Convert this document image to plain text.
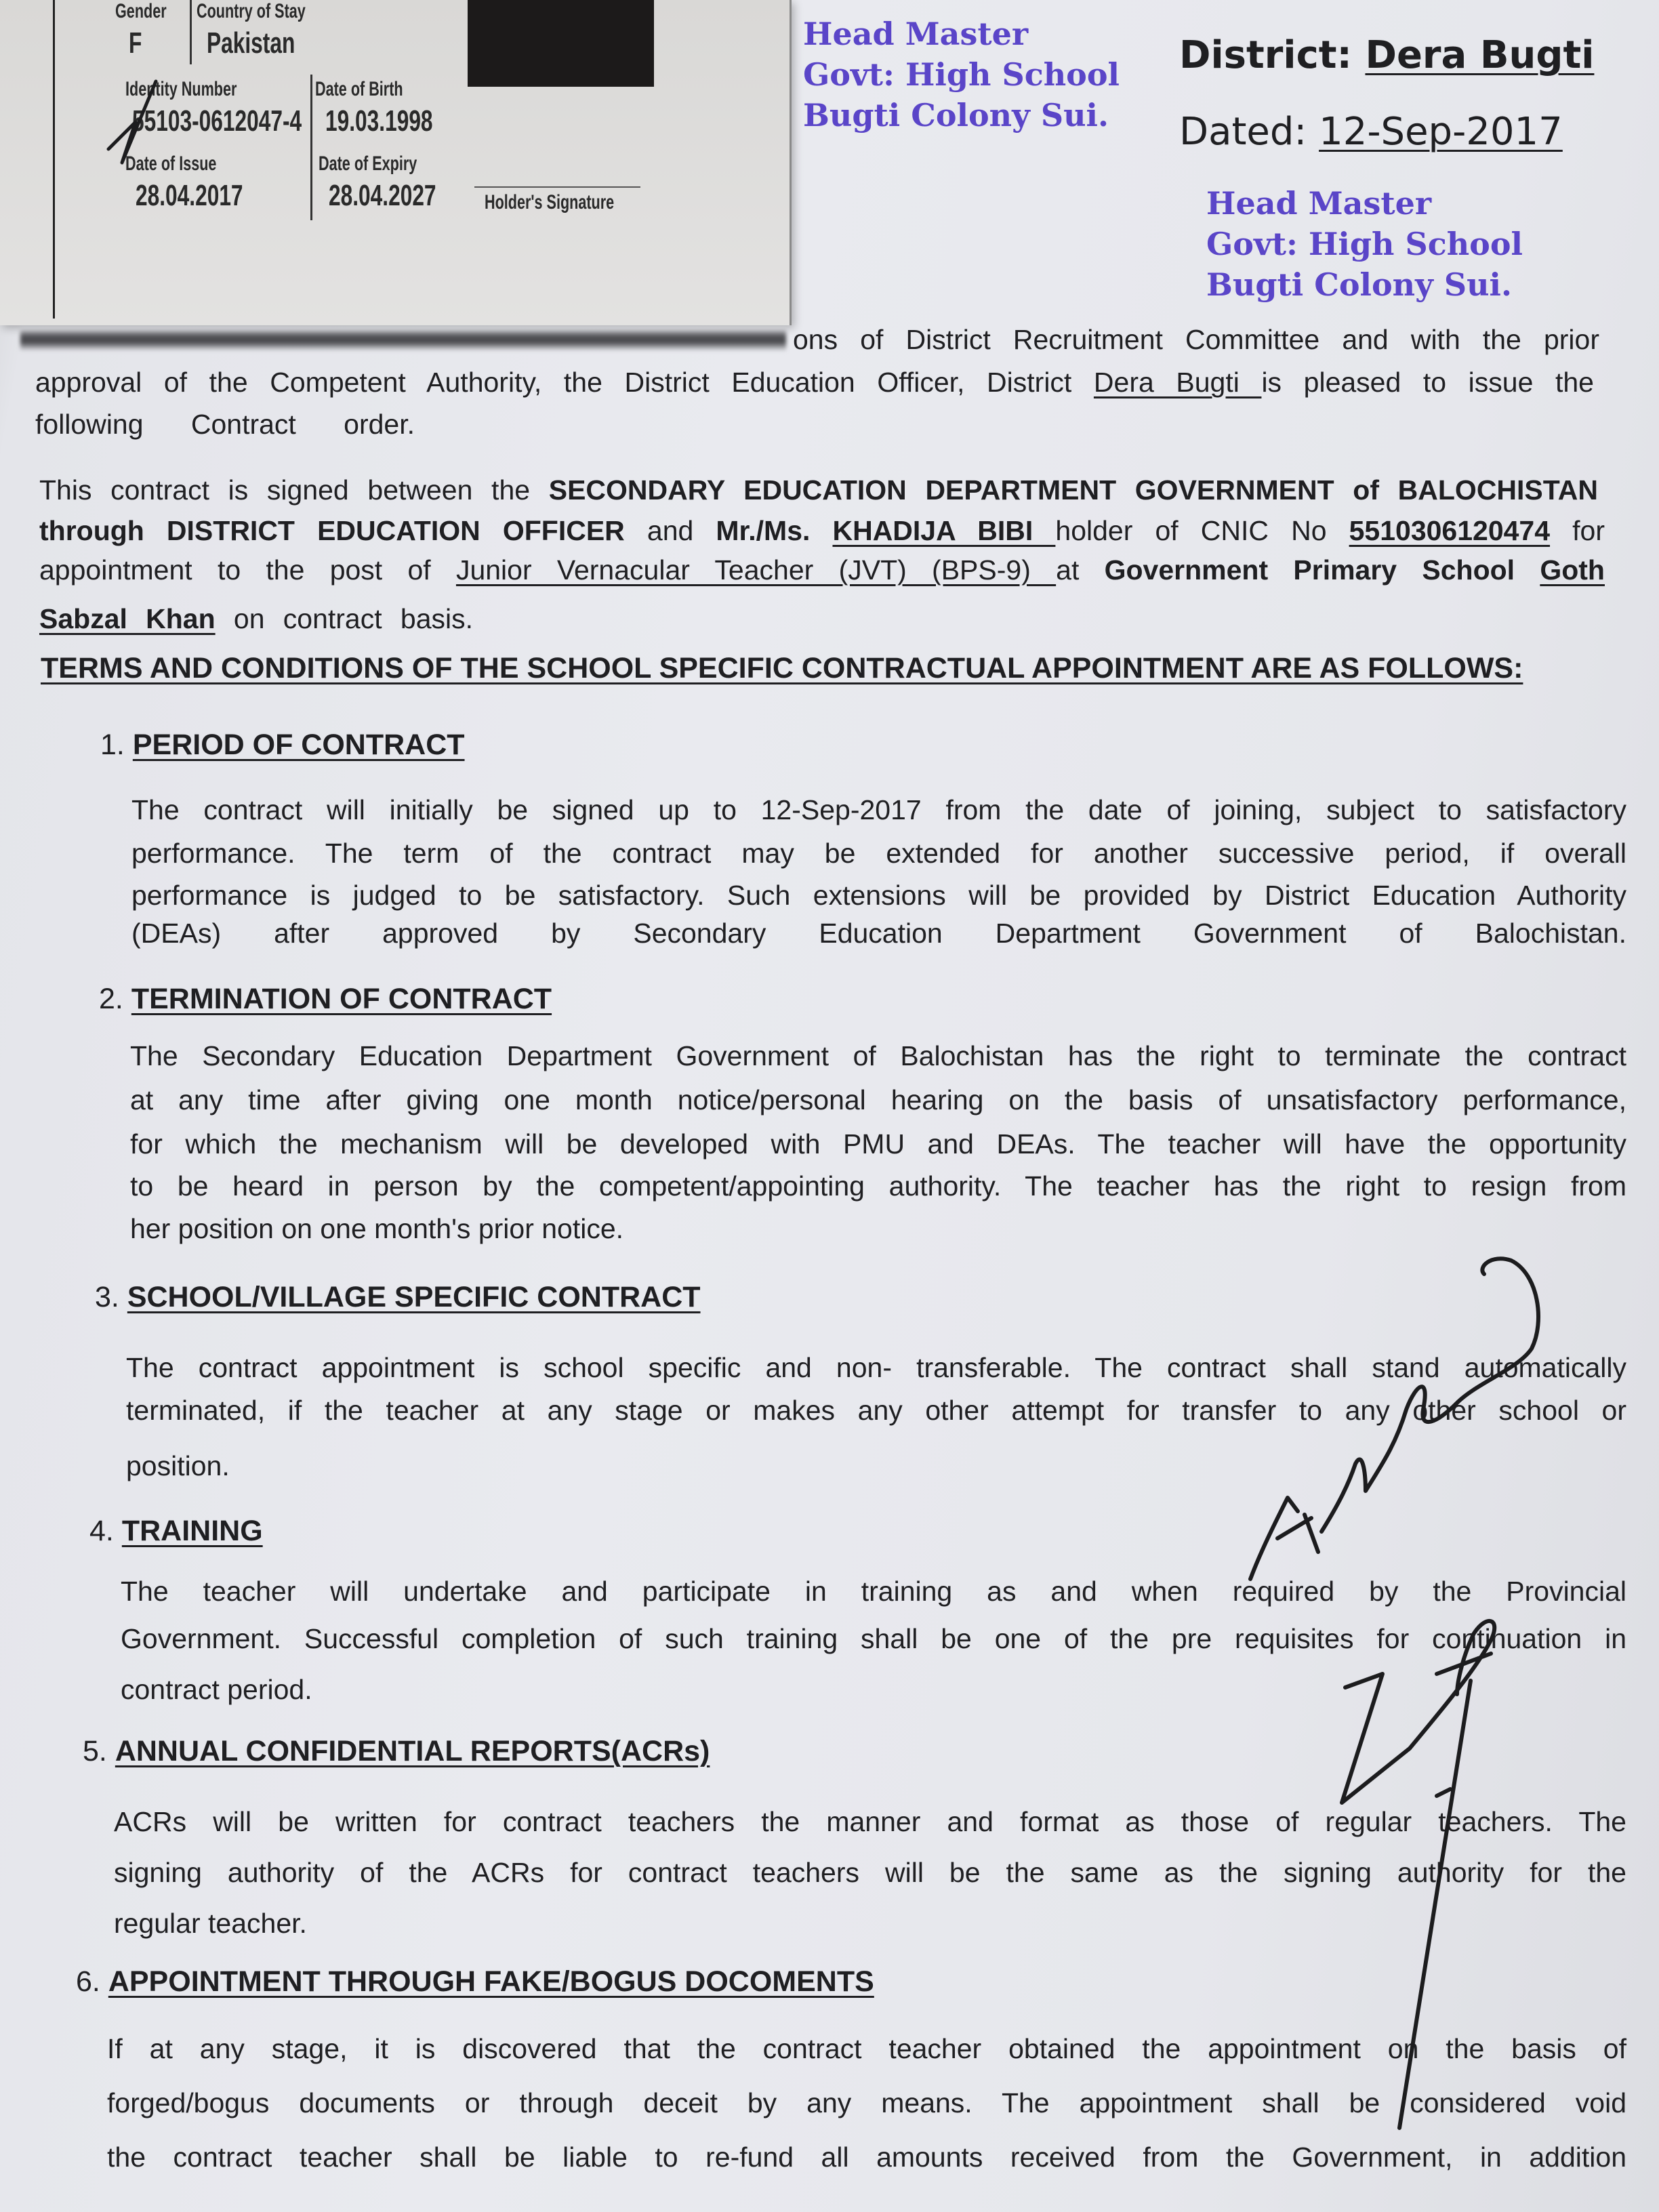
Gender Country of Stay
F Pakistan
Identity Number	Date of Birth
55103-0612047-4 19.03.1998
Date of Issue	Date of Expiry
28.04.2017	28.04.2027 Holder's Signature
Head Master
Govt: High School
Bugti Colony Sui.
District: Dera Bugti
Dated: 12-Sep-2017
Head Master
Govt: High School
Bugti Colony Sui.
ons of District Recruitment Committee and with the prior
approval of the Competent Authority, the District Education Officer, District Dera Bugti is pleased to issue the
following Contract order.
This contract is signed between the SECONDARY EDUCATION DEPARTMENT GOVERNMENT of BALOCHISTAN
through DISTRICT EDUCATION OFFICER and Mr./Ms. KHADIJA BIBI holder of CNIC No 5510306120474 for
appointment to the post of Junior Vernacular Teacher (JVT) (BPS-9) at Government Primary School Goth
Sabzal Khan on contract basis.
TERMS AND CONDITIONS OF THE SCHOOL SPECIFIC CONTRACTUAL APPOINTMENT ARE AS FOLLOWS:
1. PERIOD OF CONTRACT
The contract will initially be signed up to 12-Sep-2017 from the date of joining, subject to satisfactory
performance. The term of the contract may be extended for another successive period, if overall
performance is judged to be satisfactory. Such extensions will be provided by District Education Authority
(DEAs) after approved by Secondary Education Department Government of Balochistan.
2. TERMINATION OF CONTRACT
The Secondary Education Department Government of Balochistan has the right to terminate the contract
at any time after giving one month notice/personal hearing on the basis of unsatisfactory performance,
for which the mechanism will be developed with PMU and DEAs. The teacher will have the opportunity
to be heard in person by the competent/appointing authority. The teacher has the right to resign from
her position on one month's prior notice.
3. SCHOOL/VILLAGE SPECIFIC CONTRACT
The contract appointment is school specific and non- transferable. The contract shall stand automatically
terminated, if the teacher at any stage or makes any other attempt for transfer to any other school or
position.
4. TRAINING
The teacher will undertake and participate in training as and when required by the Provincial
Government. Successful completion of such training shall be one of the pre requisites for continuation in
contract period.
5. ANNUAL CONFIDENTIAL REPORTS(ACRs)
ACRs will be written for contract teachers the manner and format as those of regular teachers. The
signing authority of the ACRs for contract teachers will be the same as the signing authority for the
regular teacher.
6. APPOINTMENT THROUGH FAKE/BOGUS DOCOMENTS
If at any stage, it is discovered that the contract teacher obtained the appointment on the basis of
forged/bogus documents or through deceit by any means. The appointment shall be considered void
the contract teacher shall be liable to re-fund all amounts received from the Government, in addition
